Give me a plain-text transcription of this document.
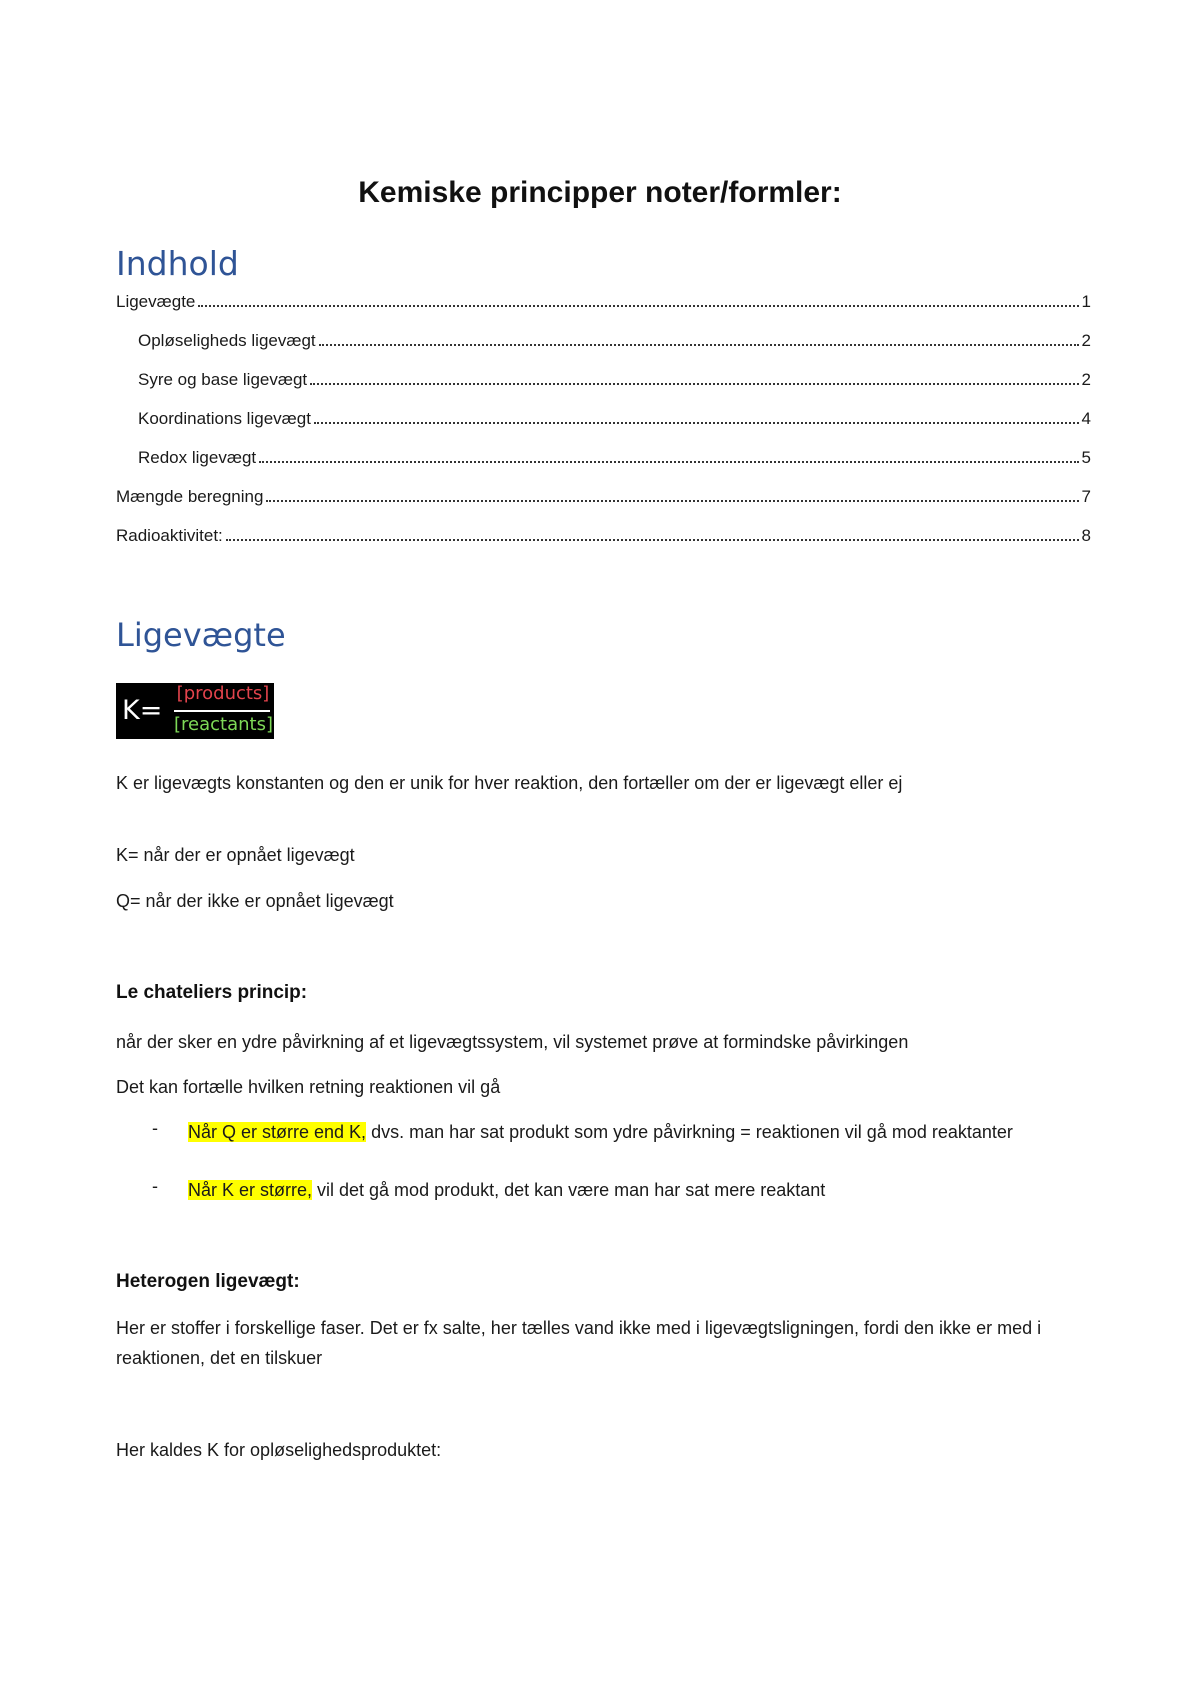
Kemiske principper noter/formler:
Indhold
Ligevægte	1
Opløseligheds ligevægt	2
Syre og base ligevægt	2
Koordinations ligevægt	4
Redox ligevægt	5
Mængde beregning	7
Radioaktivitet:	8
Ligevægte
K=
[products]
[reactants]
K er ligevægts konstanten og den er unik for hver reaktion, den fortæller om der er ligevægt eller ej
K= når der er opnået ligevægt
Q= når der ikke er opnået ligevægt
Le chateliers princip:
når der sker en ydre påvirkning af et ligevægtssystem, vil systemet prøve at formindske påvirkingen
Det kan fortælle hvilken retning reaktionen vil gå
- Når Q er større end K, dvs. man har sat produkt som ydre påvirkning = reaktionen vil gå mod reaktanter
- Når K er større, vil det gå mod produkt, det kan være man har sat mere reaktant
Heterogen ligevægt:
Her er stoffer i forskellige faser. Det er fx salte, her tælles vand ikke med i ligevægtsligningen, fordi den ikke er med i reaktionen, det en tilskuer
Her kaldes K for opløselighedsproduktet:
